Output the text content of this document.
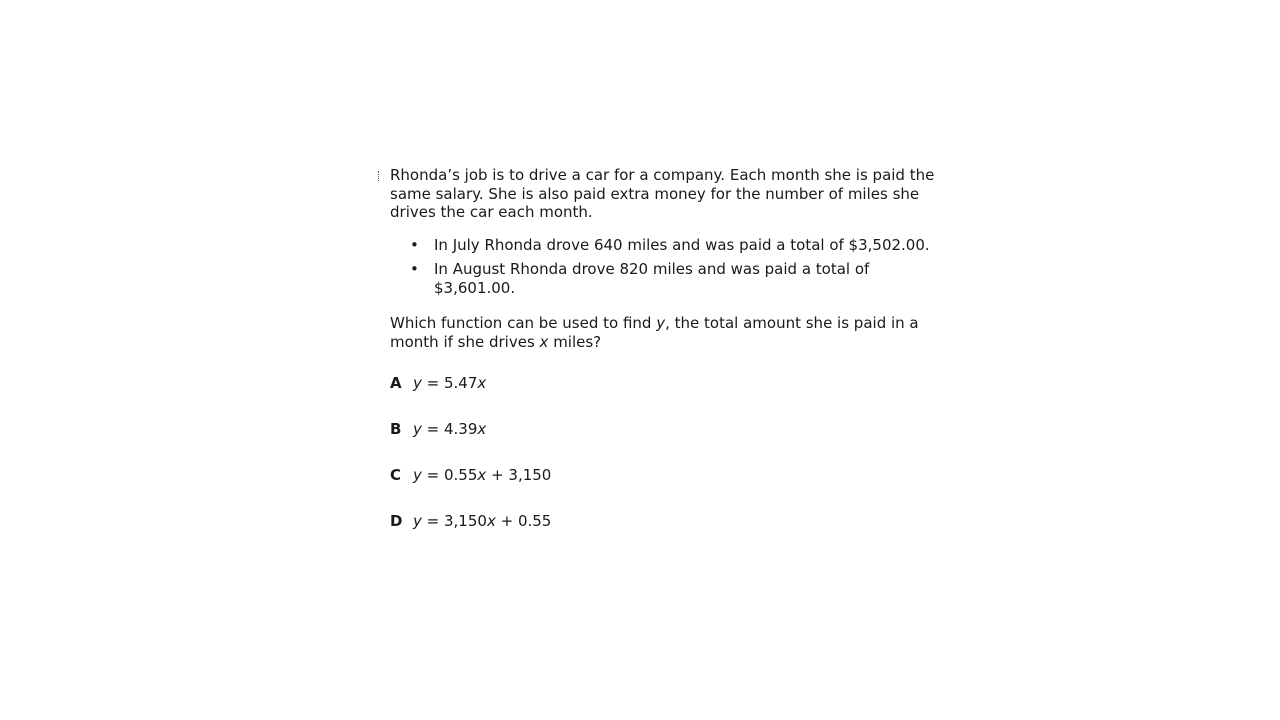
Rhonda’s job is to drive a car for a company. Each month she is paid the same salary. She is also paid extra money for the number of miles she drives the car each month.

• In July Rhonda drove 640 miles and was paid a total of $3,502.00.
• In August Rhonda drove 820 miles and was paid a total of $3,601.00.

Which function can be used to find y, the total amount she is paid in a month if she drives x miles?

A y = 5.47x
B y = 4.39x
C y = 0.55x + 3,150
D y = 3,150x + 0.55
